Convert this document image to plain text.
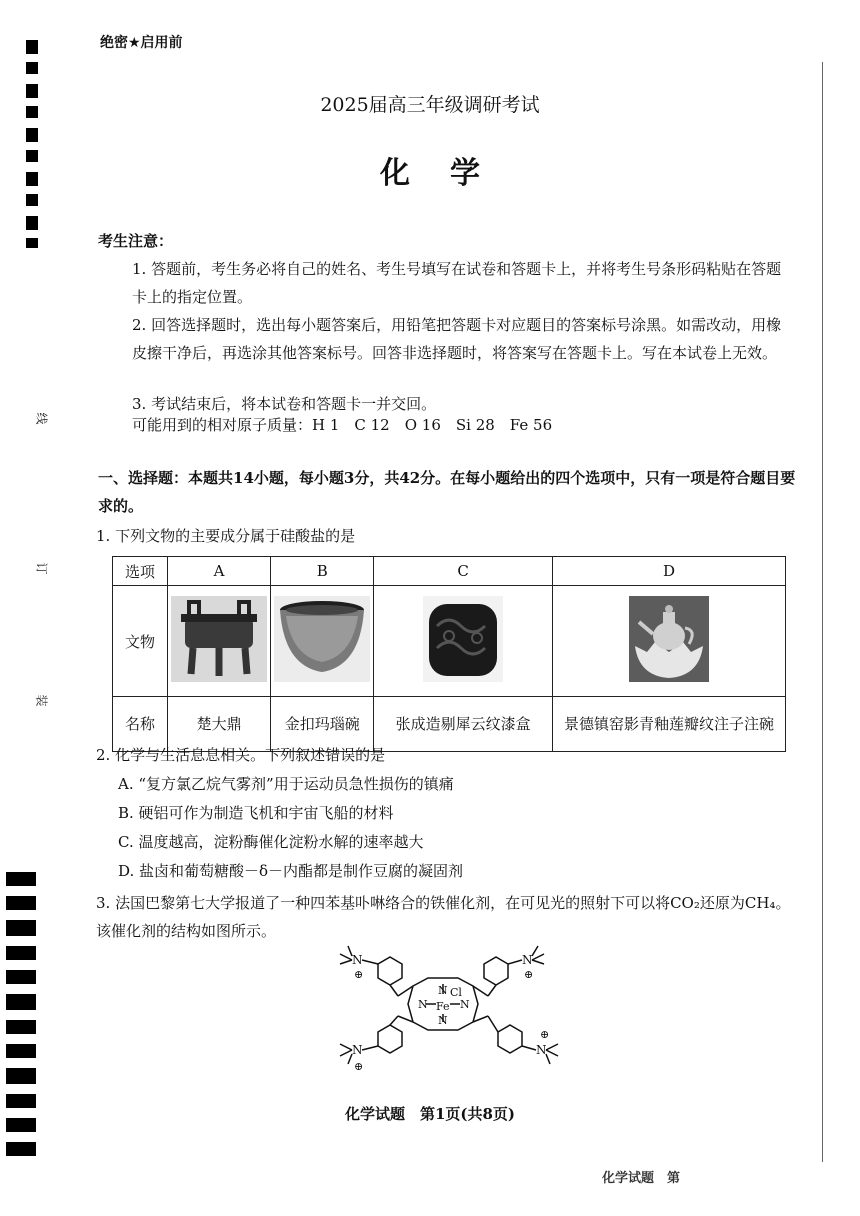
线
订
装
绝密★启用前
2025届高三年级调研考试
化学
考生注意：
1. 答题前，考生务必将自己的姓名、考生号填写在试卷和答题卡上，并将考生号条形码粘贴在答题卡上的指定位置。
2. 回答选择题时，选出每小题答案后，用铅笔把答题卡对应题目的答案标号涂黑。如需改动，用橡皮擦干净后，再选涂其他答案标号。回答非选择题时，将答案写在答题卡上。写在本试卷上无效。
3. 考试结束后，将本试卷和答题卡一并交回。
可能用到的相对原子质量：H 1　C 12　O 16　Si 28　Fe 56
一、选择题：本题共14小题，每小题3分，共42分。在每小题给出的四个选项中，只有一项是符合题目要求的。
1. 下列文物的主要成分属于硅酸盐的是
选项	A	B	C	D
文物				
名称	楚大鼎	金扣玛瑙碗	张成造剔犀云纹漆盒	景德镇窑影青釉莲瓣纹注子注碗
2. 化学与生活息息相关。下列叙述错误的是
A. “复方氯乙烷气雾剂”用于运动员急性损伤的镇痛
B. 硬铝可作为制造飞机和宇宙飞船的材料
C. 温度越高，淀粉酶催化淀粉水解的速率越大
D. 盐卤和葡萄糖酸－δ－内酯都是制作豆腐的凝固剂
3. 法国巴黎第七大学报道了一种四苯基卟啉络合的铁催化剂，在可见光的照射下可以将CO₂还原为CH₄。该催化剂的结构如图所示。
N	N
N	N
⊕	⊕
⊕
⊕
N Cl
N	N
Fe
N
化学试题　第1页(共8页)
化学试题　第
